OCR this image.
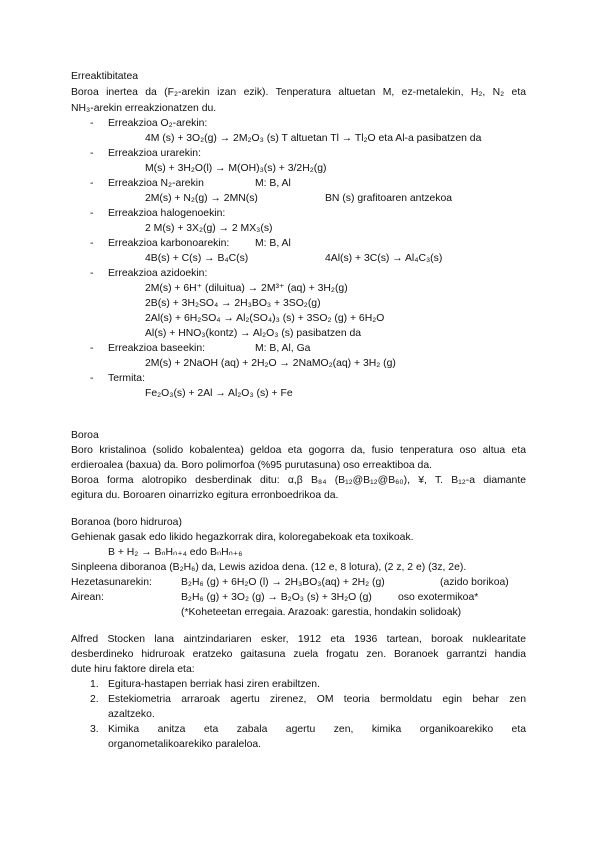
Erreaktibitatea
Boroa inertea da (F₂-arekin izan ezik). Tenperatura altuetan M, ez-metalekin, H₂, N₂ eta
NH₃-arekin erreakzionatzen du.
- Erreakzioa O₂-arekin:
4M (s) + 3O₂(g) → 2M₂O₃ (s) T altuetan Tl → Tl₂O eta Al-a pasibatzen da
- Erreakzioa urarekin:
M(s) + 3H₂O(l) → M(OH)₃(s) + 3/2H₂(g)
- Erreakzioa N₂-arekin	M: B, Al
2M(s) + N₂(g) → 2MN(s)	BN (s) grafitoaren antzekoa
- Erreakzioa halogenoekin:
2 M(s) + 3X₂(g) → 2 MX₃(s)
- Erreakzioa karbonoarekin: M: B, Al
4B(s) + C(s) → B₄C(s)	4Al(s) + 3C(s) → Al₄C₃(s)
- Erreakzioa azidoekin:
2M(s) + 6H⁺ (diluitua) → 2M³⁺ (aq) + 3H₂(g)
2B(s) + 3H₂SO₄ → 2H₃BO₃ + 3SO₂(g)
2Al(s) + 6H₂SO₄ → Al₂(SO₄)₃ (s) + 3SO₂ (g) + 6H₂O
Al(s) + HNO₃(kontz) → Al₂O₃ (s) pasibatzen da
- Erreakzioa baseekin:	M: B, Al, Ga
2M(s) + 2NaOH (aq) + 2H₂O → 2NaMO₂(aq) + 3H₂ (g)
- Termita:
Fe₂O₃(s) + 2Al → Al₂O₃ (s) + Fe
Boroa
Boro kristalinoa (solido kobalentea) geldoa eta gogorra da, fusio tenperatura oso altua eta
erdieroalea (baxua) da. Boro polimorfoa (%95 purutasuna) oso erreaktiboa da.
Boroa forma alotropiko desberdinak ditu: α,β B₈₄ (B₁₂@B₁₂@B₆₀), ¥, T. B₁₂-a diamante
egitura du. Boroaren oinarrizko egitura erronboedrikoa da.
Boranoa (boro hidruroa)
Gehienak gasak edo likido hegazkorrak dira, koloregabekoak eta toxikoak.
B + H₂ → BₙHₙ₊₄ edo BₙHₙ₊₆
Sinpleena diboranoa (B₂H₆) da, Lewis azidoa dena. (12 e, 8 lotura), (2 z, 2 e) (3z, 2e).
Hezetasunarekin:	B₂H₆ (g) + 6H₂O (l) → 2H₃BO₃(aq) + 2H₂ (g)	(azido borikoa)
Airean:	B₂H₆ (g) + 3O₂ (g) → B₂O₃ (s) + 3H₂O (g)	oso exotermikoa*
(*Koheteetan erregaia. Arazoak: garestia, hondakin solidoak)
Alfred Stocken lana aintzindariaren esker, 1912 eta 1936 tartean, boroak nuklearitate
desberdineko hidruroak eratzeko gaitasuna zuela frogatu zen. Boranoek garrantzi handia
dute hiru faktore direla eta:
1. Egitura-hastapen berriak hasi ziren erabiltzen.
2. Estekiometria arraroak agertu zirenez, OM teoria bermoldatu egin behar zen
azaltzeko.
3. Kimika anitza eta zabala agertu zen, kimika organikoarekiko eta
organometalikoarekiko paraleloa.
